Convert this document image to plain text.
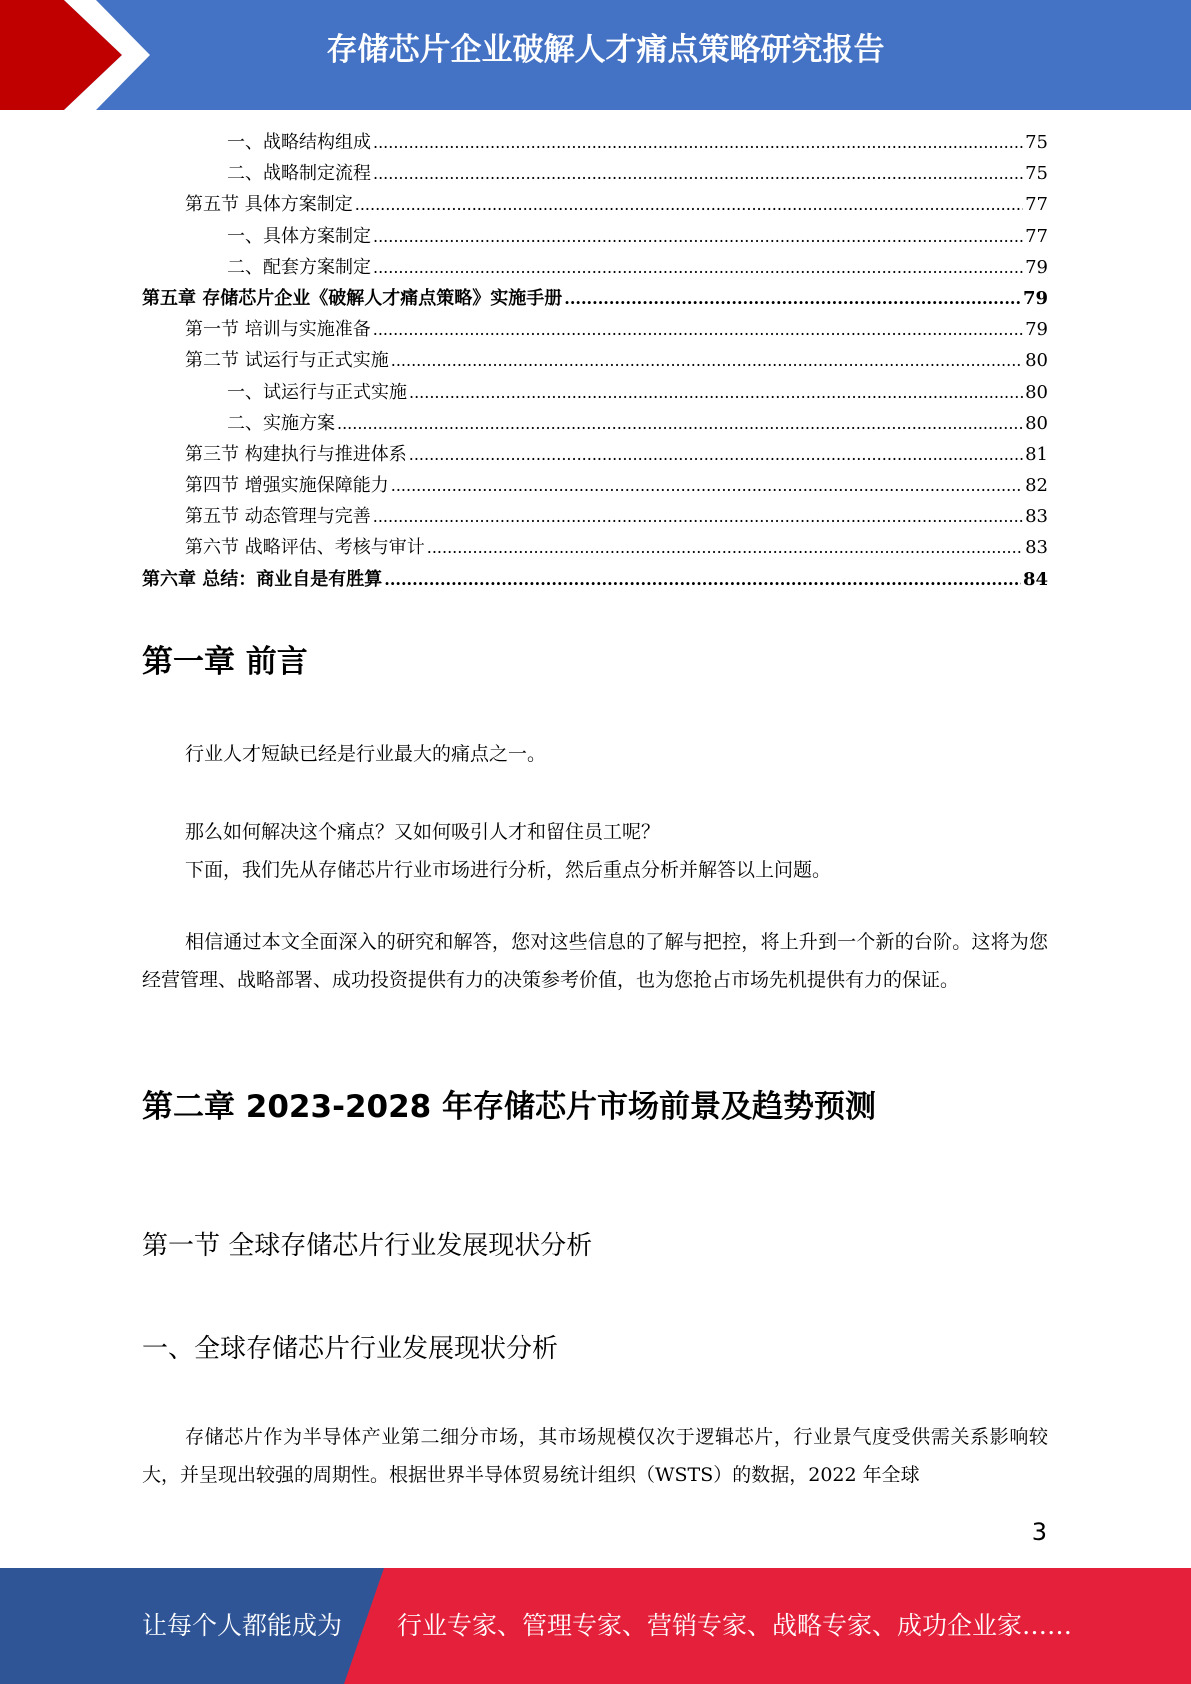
存储芯片企业破解人才痛点策略研究报告
一、战略结构组成 .....	75
二、战略制定流程 .....	75
第五节 具体方案制定 .....	77
一、具体方案制定 .....	77
二、配套方案制定 .....	79
第五章 存储芯片企业《破解人才痛点策略》实施手册 .....	79
第一节 培训与实施准备 .....	79
第二节 试运行与正式实施 .....	80
一、试运行与正式实施 .....	80
二、实施方案 .....	80
第三节 构建执行与推进体系 .....	81
第四节 增强实施保障能力 .....	82
第五节 动态管理与完善 .....	83
第六节 战略评估、考核与审计 .....	83
第六章 总结：商业自是有胜算 .....	84
第一章 前言
行业人才短缺已经是行业最大的痛点之一。
那么如何解决这个痛点？又如何吸引人才和留住员工呢？
下面，我们先从存储芯片行业市场进行分析，然后重点分析并解答以上问题。
相信通过本文全面深入的研究和解答，您对这些信息的了解与把控，将上升到一个新的台阶。这将为您经营管理、战略部署、成功投资提供有力的决策参考价值，也为您抢占市场先机提供有力的保证。
第二章 2023-2028 年存储芯片市场前景及趋势预测
第一节 全球存储芯片行业发展现状分析
一、全球存储芯片行业发展现状分析
存储芯片作为半导体产业第二细分市场，其市场规模仅次于逻辑芯片，行业景气度受供需关系影响较大，并呈现出较强的周期性。根据世界半导体贸易统计组织（WSTS）的数据，2022 年全球
3
让每个人都能成为 行业专家、管理专家、营销专家、战略专家、成功企业家……
